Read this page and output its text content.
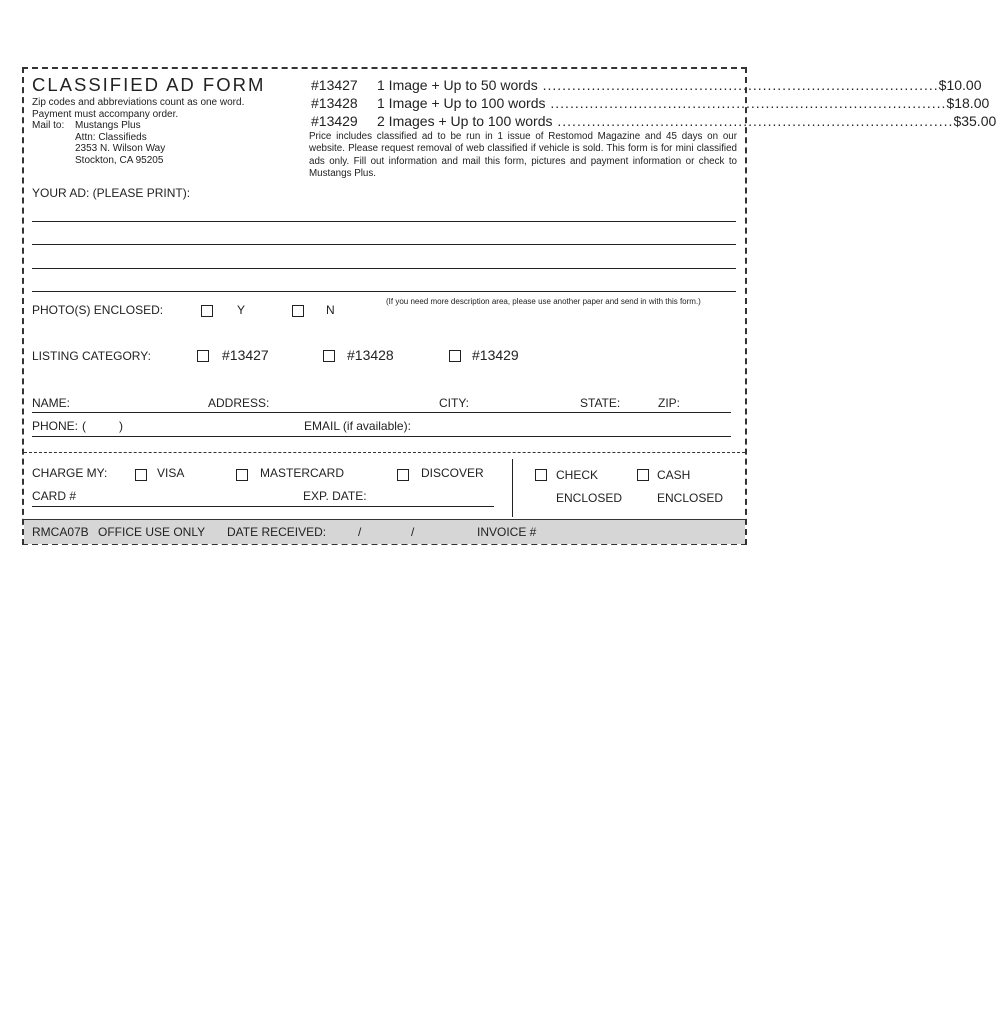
CLASSIFIED AD FORM
Zip codes and abbreviations count as one word.
Payment must accompany order.
Mail to: Mustangs Plus
Attn: Classifieds
2353 N. Wilson Way
Stockton, CA 95205
#13427 1 Image + Up to 50 words ................................................................................. $10.00
#13428 1 Image + Up to 100 words ................................................................................. $18.00
#13429 2 Images + Up to 100 words ................................................................................. $35.00
Price includes classified ad to be run in 1 issue of Restomod Magazine and 45 days on our website. Please request removal of web classified if vehicle is sold. This form is for mini classified ads only. Fill out information and mail this form, pictures and payment information or check to Mustangs Plus.
YOUR AD: (PLEASE PRINT):
(If you need more description area, please use another paper and send in with this form.)
PHOTO(S) ENCLOSED:	Y	N
LISTING CATEGORY:	#13427	#13428	#13429
NAME:	ADDRESS:	CITY:	STATE:	ZIP:
PHONE: (	)	EMAIL (if available):
CHARGE MY:	VISA	MASTERCARD	DISCOVER
CARD #	EXP. DATE:
CHECK
ENCLOSED
CASH
ENCLOSED
RMCA07B OFFICE USE ONLY DATE RECEIVED:	/	/	INVOICE #
